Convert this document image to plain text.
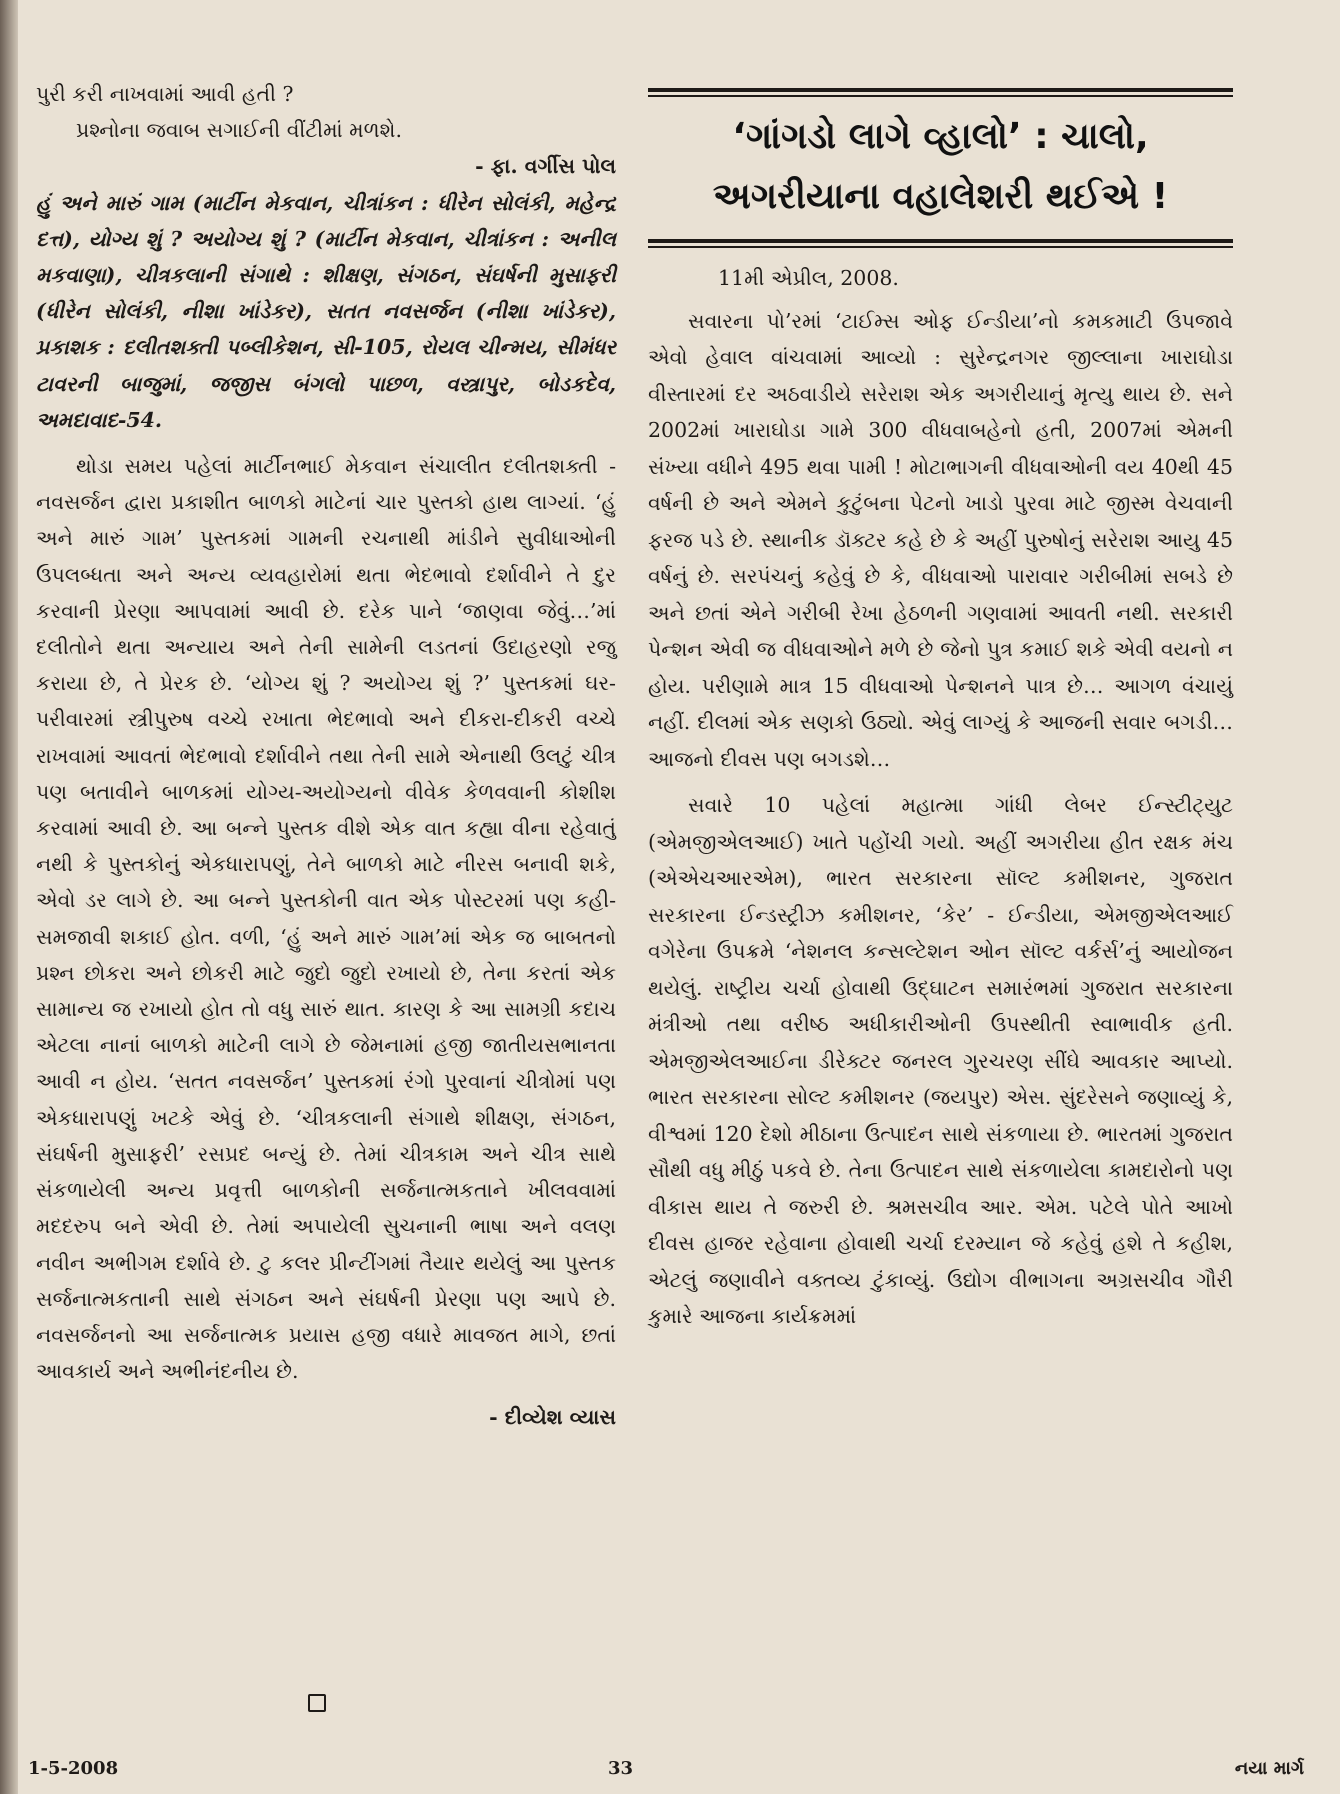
પુરી કરી નાખવામાં આવી હતી ?

પ્રશ્નોના જવાબ સગાઈની વીંટીમાં મળશે.

- ફા. વર્ગીસ પોલ

હું અને મારું ગામ (માર્ટીન મેકવાન, ચીત્રાંકન : ધીરેન સોલંકી, મહેન્દ્ર દત્ત), યોગ્ય શું ? અયોગ્ય શું ? (માર્ટીન મેકવાન, ચીત્રાંકન : અનીલ મકવાણા), ચીત્રકલાની સંગાથે : શીક્ષણ, સંગઠન, સંઘર્ષની મુસાફરી (ધીરેન સોલંકી, નીશા ખાંડેકર), સતત નવસર્જન (નીશા ખાંડેકર), પ્રકાશક : દલીતશક્તી પબ્લીકેશન, સી-105, રોયલ ચીન્મય, સીમંધર ટાવરની બાજુમાં, જજીસ બંગલો પાછળ, વસ્ત્રાપુર, બોડકદેવ, અમદાવાદ-54.

થોડા સમય પહેલાં માર્ટીનભાઈ મેકવાન સંચાલીત દલીતશક્તી - નવસર્જન દ્વારા પ્રકાશીત બાળકો માટેનાં ચાર પુસ્તકો હાથ લાગ્યાં. ‘હું અને મારું ગામ’ પુસ્તકમાં ગામની રચનાથી માંડીને સુવીધાઓની ઉપલબ્ધતા અને અન્ય વ્યવહારોમાં થતા ભેદભાવો દર્શાવીને તે દુર કરવાની પ્રેરણા આપવામાં આવી છે. દરેક પાને ‘જાણવા જેવું…’માં દલીતોને થતા અન્યાય અને તેની સામેની લડતનાં ઉદાહરણો રજુ કરાયા છે, તે પ્રેરક છે. ‘યોગ્ય શું ? અયોગ્ય શું ?’ પુસ્તકમાં ઘર-પરીવારમાં સ્ત્રીપુરુષ વચ્ચે રખાતા ભેદભાવો અને દીકરા-દીકરી વચ્ચે રાખવામાં આવતાં ભેદભાવો દર્શાવીને તથા તેની સામે એનાથી ઉલટું ચીત્ર પણ બતાવીને બાળકમાં યોગ્ય-અયોગ્યનો વીવેક કેળવવાની કોશીશ કરવામાં આવી છે. આ બન્ને પુસ્તક વીશે એક વાત કહ્યા વીના રહેવાતું નથી કે પુસ્તકોનું એકધારાપણું, તેને બાળકો માટે નીરસ બનાવી શકે, એવો ડર લાગે છે. આ બન્ને પુસ્તકોની વાત એક પોસ્ટરમાં પણ કહી-સમજાવી શકાઈ હોત. વળી, ‘હું અને મારું ગામ’માં એક જ બાબતનો પ્રશ્ન છોકરા અને છોકરી માટે જુદો જુદો રખાયો છે, તેના કરતાં એક સામાન્ય જ રખાયો હોત તો વધુ સારું થાત. કારણ કે આ સામગ્રી કદાચ એટલા નાનાં બાળકો માટેની લાગે છે જેમનામાં હજી જાતીયસભાનતા આવી ન હોય. ‘સતત નવસર્જન’ પુસ્તકમાં રંગો પુરવાનાં ચીત્રોમાં પણ એકધારાપણું ખટકે એવું છે. ‘ચીત્રકલાની સંગાથે શીક્ષણ, સંગઠન, સંઘર્ષની મુસાફરી’ રસપ્રદ બન્યું છે. તેમાં ચીત્રકામ અને ચીત્ર સાથે સંકળાયેલી અન્ય પ્રવૃત્તી બાળકોની સર્જનાત્મકતાને ખીલવવામાં મદદરુપ બને એવી છે. તેમાં અપાયેલી સુચનાની ભાષા અને વલણ નવીન અભીગમ દર્શાવે છે. ટુ કલર પ્રીન્ટીંગમાં તૈયાર થયેલું આ પુસ્તક સર્જનાત્મકતાની સાથે સંગઠન અને સંઘર્ષની પ્રેરણા પણ આપે છે. નવસર્જનનો આ સર્જનાત્મક પ્રયાસ હજી વધારે માવજત માગે, છતાં આવકાર્ય અને અભીનંદનીય છે.

- દીવ્યેશ વ્યાસ

‘ગાંગડો લાગે વ્હાલો’ : ચાલો,
અગરીયાના વહાલેશરી થઈએ !

11મી એપ્રીલ, 2008.

સવારના પો’રમાં ‘ટાઈમ્સ ઓફ ઈન્ડીયા’નો કમકમાટી ઉપજાવે એવો હેવાલ વાંચવામાં આવ્યો : સુરેન્દ્રનગર જીલ્લાના ખારાઘોડા વીસ્તારમાં દર અઠવાડીયે સરેરાશ એક અગરીયાનું મૃત્યુ થાય છે. સને 2002માં ખારાઘોડા ગામે 300 વીધવાબહેનો હતી, 2007માં એમની સંખ્યા વધીને 495 થવા પામી ! મોટાભાગની વીધવાઓની વય 40થી 45 વર્ષની છે અને એમને કુટુંબના પેટનો ખાડો પુરવા માટે જીસ્મ વેચવાની ફરજ પડે છે. સ્થાનીક ડૉક્ટર કહે છે કે અહીં પુરુષોનું સરેરાશ આયુ 45 વર્ષનું છે. સરપંચનું કહેવું છે કે, વીધવાઓ પારાવાર ગરીબીમાં સબડે છે અને છતાં એને ગરીબી રેખા હેઠળની ગણવામાં આવતી નથી. સરકારી પેન્શન એવી જ વીધવાઓને મળે છે જેનો પુત્ર કમાઈ શકે એવી વયનો ન હોય. પરીણામે માત્ર 15 વીધવાઓ પેન્શનને પાત્ર છે… આગળ વંચાયું નહીં. દીલમાં એક સણકો ઉઠ્યો. એવું લાગ્યું કે આજની સવાર બગડી… આજનો દીવસ પણ બગડશે…

સવારે 10 પહેલાં મહાત્મા ગાંધી લેબર ઈન્સ્ટીટ્યુટ (એમજીએલઆઈ) ખાતે પહોંચી ગયો. અહીં અગરીયા હીત રક્ષક મંચ (એએચઆરએમ), ભારત સરકારના સૉલ્ટ કમીશનર, ગુજરાત સરકારના ઈન્ડસ્ટ્રીઝ કમીશનર, ‘કેર’ - ઈન્ડીયા, એમજીએલઆઈ વગેરેના ઉપક્રમે ‘નેશનલ કન્સલ્ટેશન ઓન સૉલ્ટ વર્કર્સ’નું આયોજન થયેલું. રાષ્ટ્રીય ચર્ચા હોવાથી ઉદ્ઘાટન સમારંભમાં ગુજરાત સરકારના મંત્રીઓ તથા વરીષ્ઠ અધીકારીઓની ઉપસ્થીતી સ્વાભાવીક હતી. એમજીએલઆઈના ડીરેક્ટર જનરલ ગુરચરણ સીંઘે આવકાર આપ્યો. ભારત સરકારના સોલ્ટ કમીશનર (જયપુર) એસ. સુંદરેસને જણાવ્યું કે, વીશ્વમાં 120 દેશો મીઠાના ઉત્પાદન સાથે સંકળાયા છે. ભારતમાં ગુજરાત સૌથી વધુ મીઠું પકવે છે. તેના ઉત્પાદન સાથે સંકળાયેલા કામદારોનો પણ વીકાસ થાય તે જરુરી છે. શ્રમસચીવ આર. એમ. પટેલે પોતે આખો દીવસ હાજર રહેવાના હોવાથી ચર્ચા દરમ્યાન જે કહેવું હશે તે કહીશ, એટલું જણાવીને વક્તવ્ય ટુંકાવ્યું. ઉદ્યોગ વીભાગના અગ્રસચીવ ગૌરી કુમારે આજના કાર્યક્રમમાં

1-5-2008	33	નયા માર્ગ
